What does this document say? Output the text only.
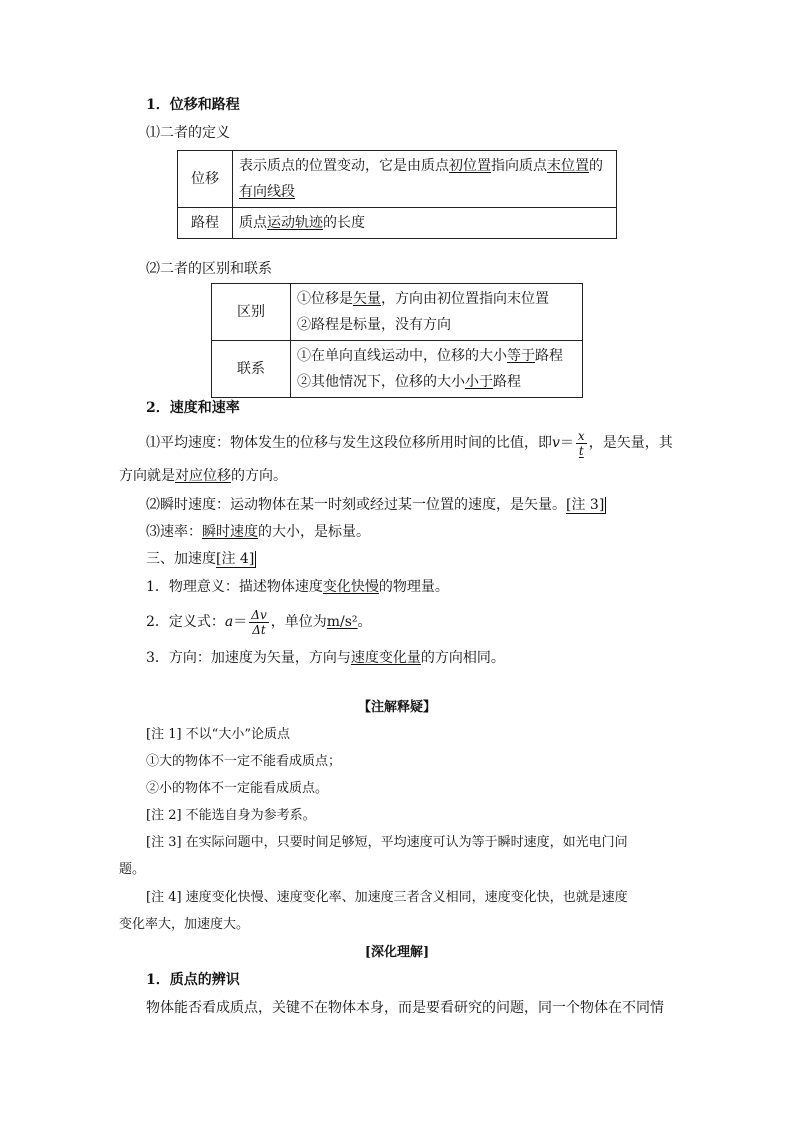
1．位移和路程
⑴二者的定义
位移	表示质点的位置变动，它是由质点初位置指向质点末位置的
有向线段
路程	质点运动轨迹的长度
⑵二者的区别和联系
区别	①位移是矢量，方向由初位置指向末位置
②路程是标量，没有方向
联系	①在单向直线运动中，位移的大小等于路程
②其他情况下，位移的大小小于路程
2．速度和速率
⑴平均速度：物体发生的位移与发生这段位移所用时间的比值，即$v= \frac{x}{t}$ ，是矢量，其
方向就是对应位移的方向。
⑵瞬时速度：运动物体在某一时刻或经过某一位置的速度，是矢量。[注 3]
⑶速率：瞬时速度的大小，是标量。
三、加速度[注 4]
1．物理意义：描述物体速度变化快慢的物理量。
2．定义式：$a= \frac{\Delta v}{\Delta t}$ ，单位为m/s²。
3．方向：加速度为矢量，方向与速度变化量的方向相同。
【注解释疑】
[注 1] 不以“大小”论质点
①大的物体不一定不能看成质点；
②小的物体不一定能看成质点。
[注 2] 不能选自身为参考系。
[注 3] 在实际问题中，只要时间足够短，平均速度可认为等于瞬时速度，如光电门问
题。
[注 4] 速度变化快慢、速度变化率、加速度三者含义相同，速度变化快，也就是速度
变化率大，加速度大。
[深化理解]
1．质点的辨识
物体能否看成质点，关键不在物体本身，而是要看研究的问题，同一个物体在不同情
